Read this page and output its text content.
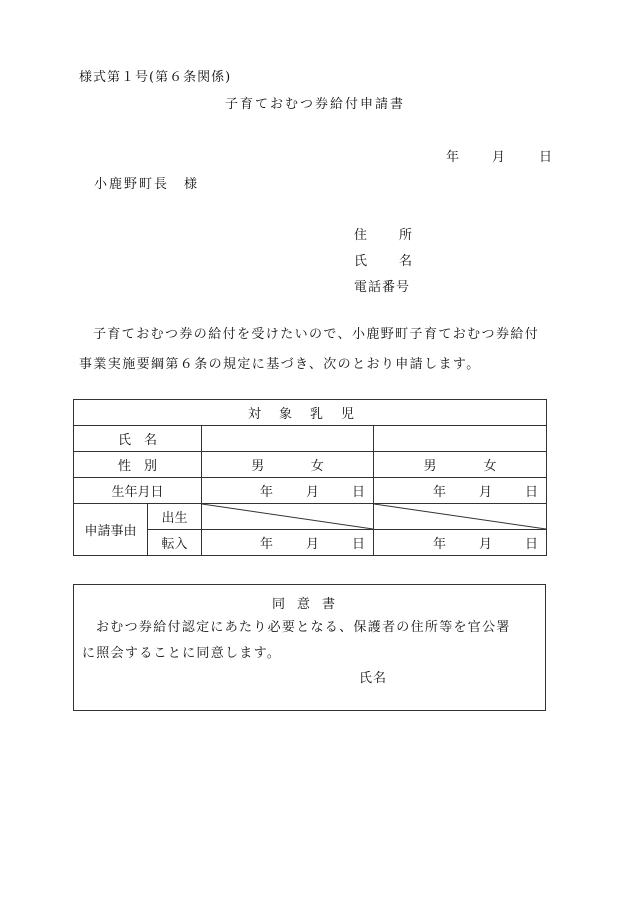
様式第１号(第６条関係)
子育ておむつ券給付申請書
年 月	日
小鹿野町長　様
住 所
氏 名
電話番号

子育ておむつ券の給付を受けたいので、小鹿野町子育ておむつ券給付

事業実施要綱第６条の規定に基づき、次のとおり申請します。

対象乳児			
氏　名			
性　別		男 女	男 女

生年月日		年 月 日	年 月 日

申請事由	出生	

	転入	年 月 日	年 月 日
同意書

おむつ券給付認定にあたり必要となる、保護者の住所等を官公署

に照会することに同意します。

氏名
